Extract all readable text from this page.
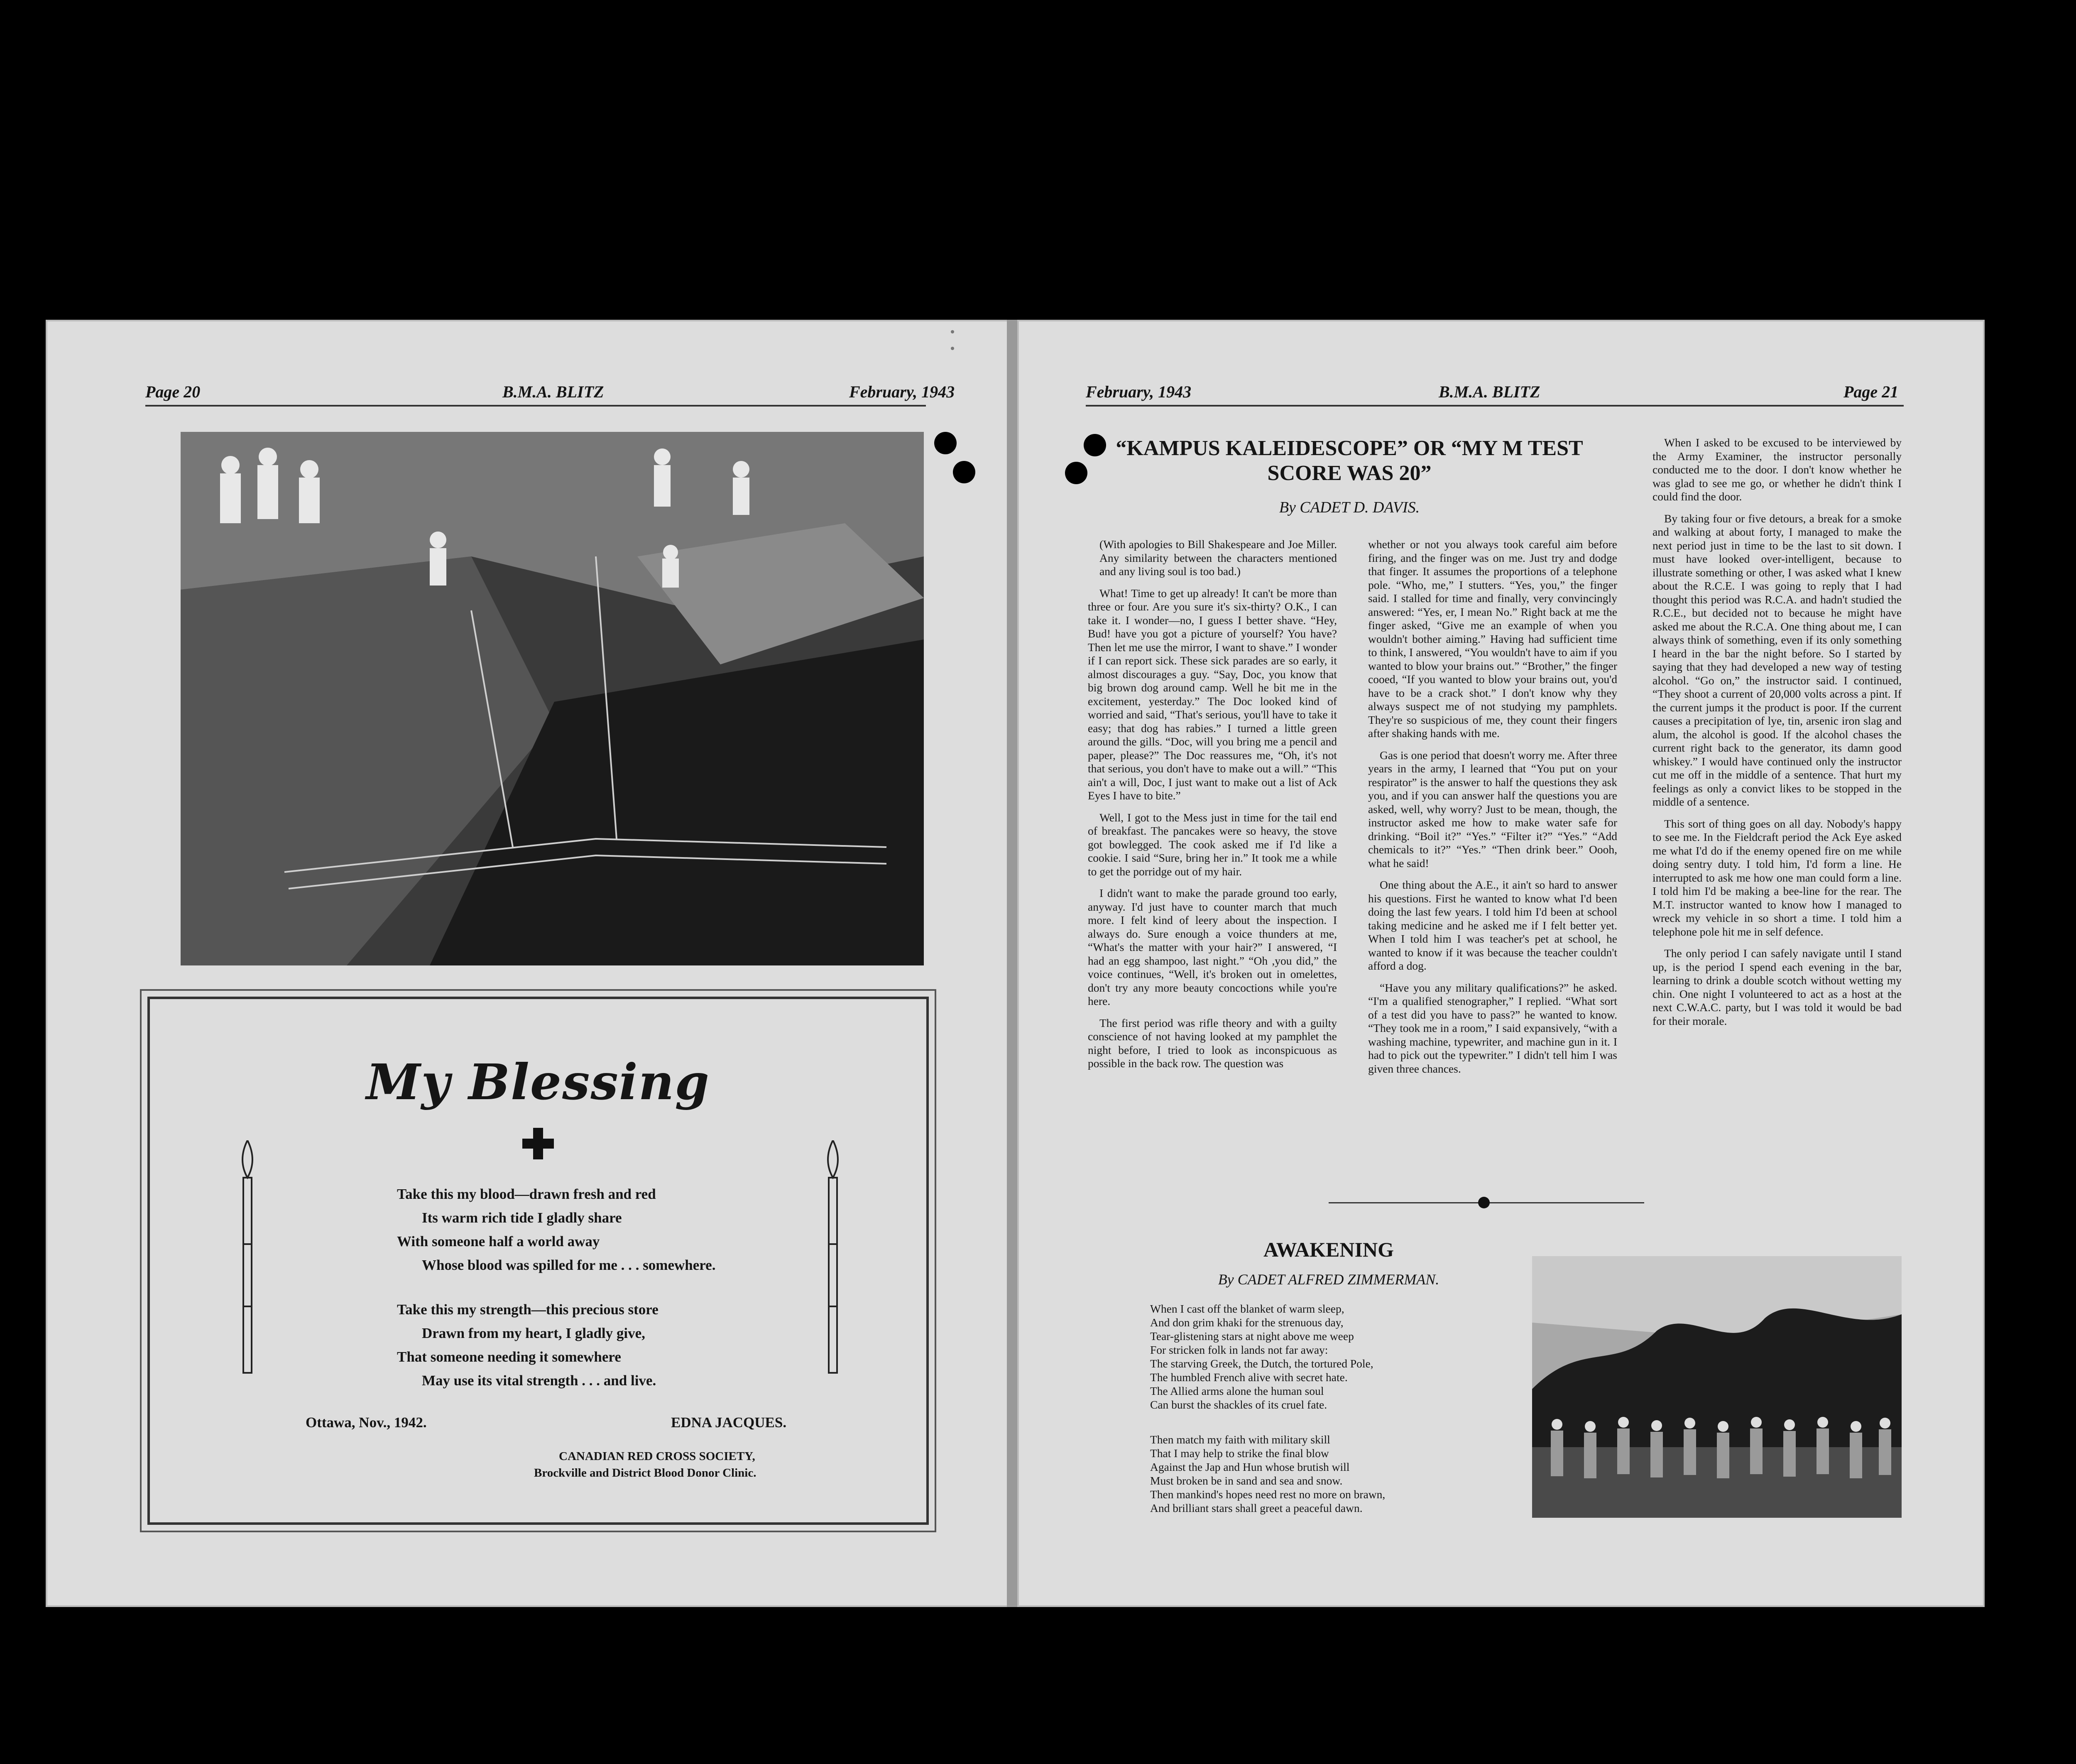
Page 20	B.M.A. BLITZ	February, 1943
My Blessing
Take this my blood—drawn fresh and red
Its warm rich tide I gladly share
With someone half a world away
Whose blood was spilled for me . . . somewhere.
Take this my strength—this precious store
Drawn from my heart, I gladly give,
That someone needing it somewhere
May use its vital strength . . . and live.
Ottawa, Nov., 1942.	EDNA JACQUES.
CANADIAN RED CROSS SOCIETY,
Brockville and District Blood Donor Clinic.
February, 1943	B.M.A. BLITZ	Page 21
“KAMPUS KALEIDESCOPE” OR “MY M TEST
SCORE WAS 20”
By CADET D. DAVIS.

(With apologies to Bill Shakespeare and Joe Miller. Any similarity between the characters mentioned and any living soul is too bad.)

What! Time to get up already! It can't be more than three or four. Are you sure it's six-thirty? O.K., I can take it. I wonder—no, I guess I better shave. “Hey, Bud! have you got a picture of yourself? You have? Then let me use the mirror, I want to shave.” I wonder if I can report sick. These sick parades are so early, it almost discourages a guy. “Say, Doc, you know that big brown dog around camp. Well he bit me in the excitement, yesterday.” The Doc looked kind of worried and said, “That's serious, you'll have to take it easy; that dog has rabies.” I turned a little green around the gills. “Doc, will you bring me a pencil and paper, please?” The Doc reassures me, “Oh, it's not that serious, you don't have to make out a will.” “This ain't a will, Doc, I just want to make out a list of Ack Eyes I have to bite.”

Well, I got to the Mess just in time for the tail end of breakfast. The pancakes were so heavy, the stove got bowlegged. The cook asked me if I'd like a cookie. I said “Sure, bring her in.” It took me a while to get the porridge out of my hair.

I didn't want to make the parade ground too early, anyway. I'd just have to counter march that much more. I felt kind of leery about the inspection. I always do. Sure enough a voice thunders at me, “What's the matter with your hair?” I answered, “I had an egg shampoo, last night.” “Oh ,you did,” the voice continues, “Well, it's broken out in omelettes, don't try any more beauty concoctions while you're here.

The first period was rifle theory and with a guilty conscience of not having looked at my pamphlet the night before, I tried to look as inconspicuous as possible in the back row. The question was

whether or not you always took careful aim before firing, and the finger was on me. Just try and dodge that finger. It assumes the proportions of a telephone pole. “Who, me,” I stutters. “Yes, you,” the finger said. I stalled for time and finally, very convincingly answered: “Yes, er, I mean No.” Right back at me the finger asked, “Give me an example of when you wouldn't bother aiming.” Having had sufficient time to think, I answered, “You wouldn't have to aim if you wanted to blow your brains out.” “Brother,” the finger cooed, “If you wanted to blow your brains out, you'd have to be a crack shot.” I don't know why they always suspect me of not studying my pamphlets. They're so suspicious of me, they count their fingers after shaking hands with me.

Gas is one period that doesn't worry me. After three years in the army, I learned that “You put on your respirator” is the answer to half the questions they ask you, and if you can answer half the questions you are asked, well, why worry? Just to be mean, though, the instructor asked me how to make water safe for drinking. “Boil it?” “Yes.” “Filter it?” “Yes.” “Add chemicals to it?” “Yes.” “Then drink beer.” Oooh, what he said!

One thing about the A.E., it ain't so hard to answer his questions. First he wanted to know what I'd been doing the last few years. I told him I'd been at school taking medicine and he asked me if I felt better yet. When I told him I was teacher's pet at school, he wanted to know if it was because the teacher couldn't afford a dog.

“Have you any military qualifications?” he asked. “I'm a qualified stenographer,” I replied. “What sort of a test did you have to pass?” he wanted to know. “They took me in a room,” I said expansively, “with a washing machine, typewriter, and machine gun in it. I had to pick out the typewriter.” I didn't tell him I was given three chances.

When I asked to be excused to be interviewed by the Army Examiner, the instructor personally conducted me to the door. I don't know whether he was glad to see me go, or whether he didn't think I could find the door.

By taking four or five detours, a break for a smoke and walking at about forty, I managed to make the next period just in time to be the last to sit down. I must have looked over-intelligent, because to illustrate something or other, I was asked what I knew about the R.C.E. I was going to reply that I had thought this period was R.C.A. and hadn't studied the R.C.E., but decided not to because he might have asked me about the R.C.A. One thing about me, I can always think of something, even if its only something I heard in the bar the night before. So I started by saying that they had developed a new way of testing alcohol. “Go on,” the instructor said. I continued, “They shoot a current of 20,000 volts across a pint. If the current jumps it the product is poor. If the current causes a precipitation of lye, tin, arsenic iron slag and alum, the alcohol is good. If the alcohol chases the current right back to the generator, its damn good whiskey.” I would have continued only the instructor cut me off in the middle of a sentence. That hurt my feelings as only a convict likes to be stopped in the middle of a sentence.

This sort of thing goes on all day. Nobody's happy to see me. In the Fieldcraft period the Ack Eye asked me what I'd do if the enemy opened fire on me while doing sentry duty. I told him, I'd form a line. He interrupted to ask me how one man could form a line. I told him I'd be making a bee-line for the rear. The M.T. instructor wanted to know how I managed to wreck my vehicle in so short a time. I told him a telephone pole hit me in self defence.

The only period I can safely navigate until I stand up, is the period I spend each evening in the bar, learning to drink a double scotch without wetting my chin. One night I volunteered to act as a host at the next C.W.A.C. party, but I was told it would be bad for their morale.

AWAKENING
By CADET ALFRED ZIMMERMAN.
When I cast off the blanket of warm sleep,
And don grim khaki for the strenuous day,
Tear-glistening stars at night above me weep
For stricken folk in lands not far away:
The starving Greek, the Dutch, the tortured Pole,
The humbled French alive with secret hate.
The Allied arms alone the human soul
Can burst the shackles of its cruel fate.
Then match my faith with military skill
That I may help to strike the final blow
Against the Jap and Hun whose brutish will
Must broken be in sand and sea and snow.
Then mankind's hopes need rest no more on brawn,
And brilliant stars shall greet a peaceful dawn.
